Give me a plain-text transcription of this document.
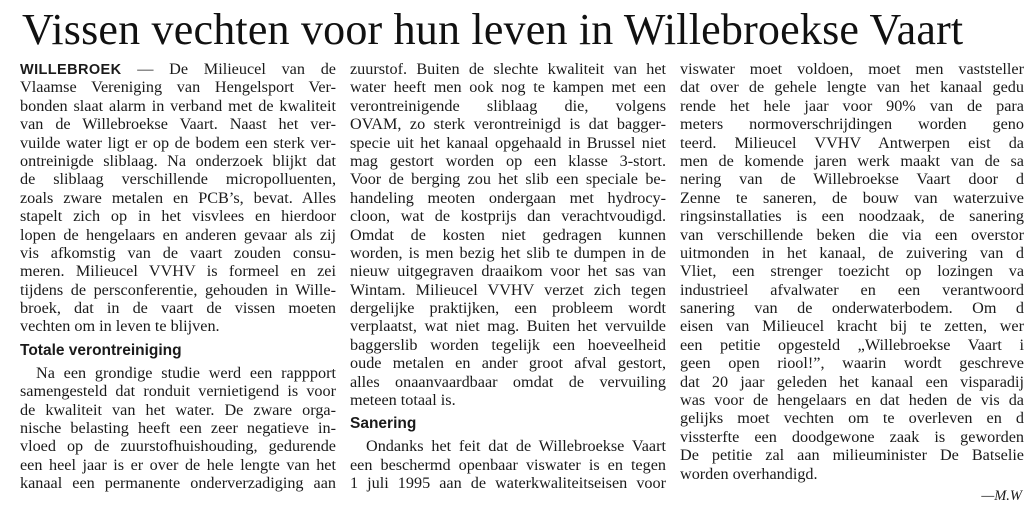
Vissen vechten voor hun leven in Willebroekse Vaart
WILLEBROEK — De Milieucel van de
Vlaamse Vereniging van Hengelsport Ver-
bonden slaat alarm in verband met de kwaliteit
van de Willebroekse Vaart. Naast het ver-
vuilde water ligt er op de bodem een sterk ver-
ontreinigde sliblaag. Na onderzoek blijkt dat
de sliblaag verschillende micropolluenten,
zoals zware metalen en PCB’s, bevat. Alles
stapelt zich op in het visvlees en hierdoor
lopen de hengelaars en anderen gevaar als zij
vis afkomstig van de vaart zouden consu-
meren. Milieucel VVHV is formeel en zei
tijdens de persconferentie, gehouden in Wille-
broek, dat in de vaart de vissen moeten
vechten om in leven te blijven.
Totale verontreiniging
Na een grondige studie werd een rappport
samengesteld dat ronduit vernietigend is voor
de kwaliteit van het water. De zware orga-
nische belasting heeft een zeer negatieve in-
vloed op de zuurstofhuishouding, gedurende
een heel jaar is er over de hele lengte van het
kanaal een permanente onderverzadiging aan
zuurstof. Buiten de slechte kwaliteit van het
water heeft men ook nog te kampen met een
verontreinigende sliblaag die, volgens
OVAM, zo sterk verontreinigd is dat bagger-
specie uit het kanaal opgehaald in Brussel niet
mag gestort worden op een klasse 3-stort.
Voor de berging zou het slib een speciale be-
handeling meoten ondergaan met hydrocy-
cloon, wat de kostprijs dan verachtvoudigd.
Omdat de kosten niet gedragen kunnen
worden, is men bezig het slib te dumpen in de
nieuw uitgegraven draaikom voor het sas van
Wintam. Milieucel VVHV verzet zich tegen
dergelijke praktijken, een probleem wordt
verplaatst, wat niet mag. Buiten het vervuilde
baggerslib worden tegelijk een hoeveelheid
oude metalen en ander groot afval gestort,
alles onaanvaardbaar omdat de vervuiling
meteen totaal is.
Sanering
Ondanks het feit dat de Willebroekse Vaart
een beschermd openbaar viswater is en tegen
1 juli 1995 aan de waterkwaliteitseisen voor
viswater moet voldoen, moet men vaststeller
dat over de gehele lengte van het kanaal gedu
rende het hele jaar voor 90% van de para
meters normoverschrijdingen worden geno
teerd. Milieucel VVHV Antwerpen eist da
men de komende jaren werk maakt van de sa
nering van de Willebroekse Vaart door d
Zenne te saneren, de bouw van waterzuive
ringsinstallaties is een noodzaak, de sanering
van verschillende beken die via een overstor
uitmonden in het kanaal, de zuivering van d
Vliet, een strenger toezicht op lozingen va
industrieel afvalwater en een verantwoord
sanering van de onderwaterbodem. Om d
eisen van Milieucel kracht bij te zetten, wer
een petitie opgesteld „Willebroekse Vaart i
geen open riool!”, waarin wordt geschreve
dat 20 jaar geleden het kanaal een visparadij
was voor de hengelaars en dat heden de vis da
gelijks moet vechten om te overleven en d
vissterfte een doodgewone zaak is geworden
De petitie zal aan milieuminister De Batselie
worden overhandigd.
—M.W
